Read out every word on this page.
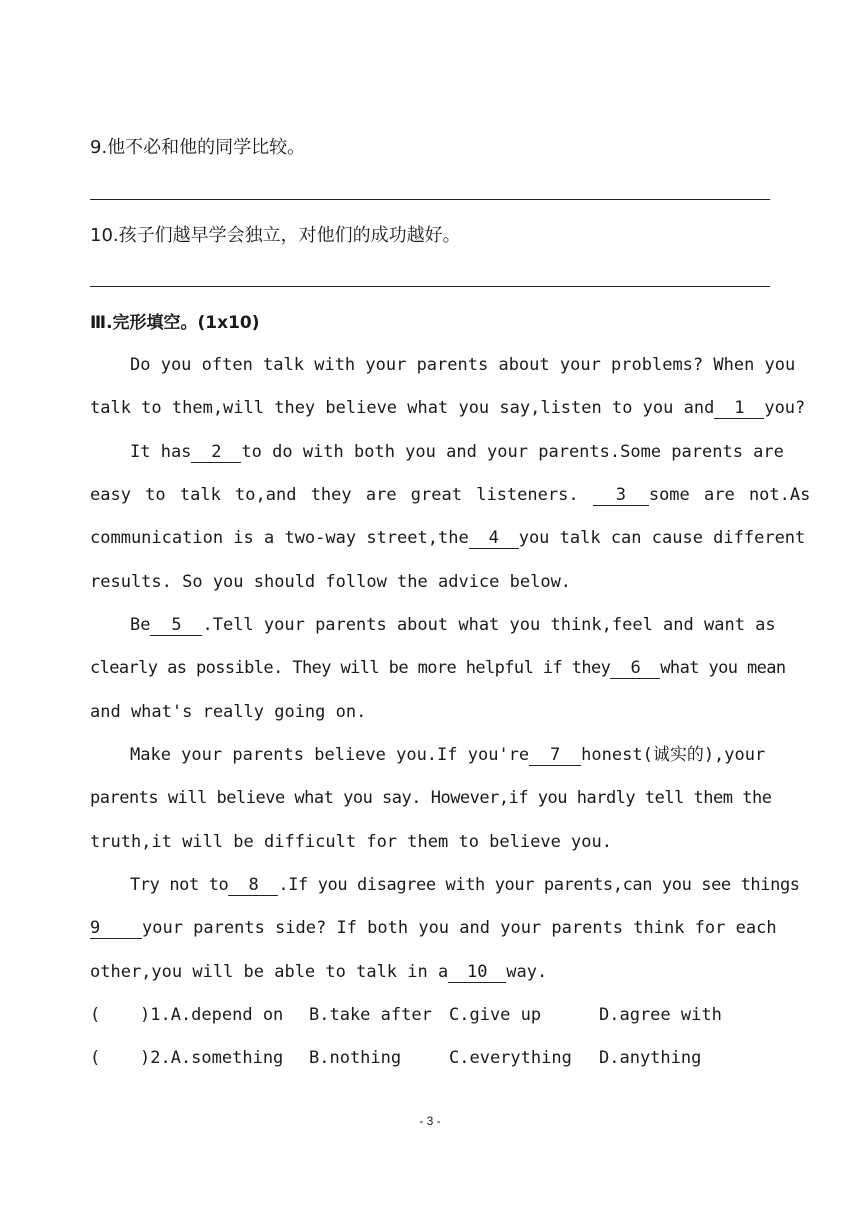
9.他不必和他的同学比较。
10.孩子们越早学会独立，对他们的成功越好。
Ⅲ.完形填空。(1x10)
Do you often talk with your parents about your problems? When you
talk to them,will they believe what you say,listen to you and 1 you?
It has 2 to do with both you and your parents.Some parents are
easy to talk to,and they are great listeners. 3 some are not.As
communication is a two-way street,the 4 you talk can cause different
results. So you should follow the advice below.
Be 5 .Tell your parents about what you think,feel and want as
clearly as possible. They will be more helpful if they 6 what you mean
and what's really going on.
Make your parents believe you.If you're 7 honest(诚实的),your
parents will believe what you say. However,if you hardly tell them the
truth,it will be difficult for them to believe you.
Try not to 8 .If you disagree with your parents,can you see things
9 your parents side? If both you and your parents think for each
other,you will be able to talk in a 10 way.
( )1.A.depend on B.take after C.give up	D.agree with
( )2.A.something B.nothing	C.everything D.anything
- 3 -
